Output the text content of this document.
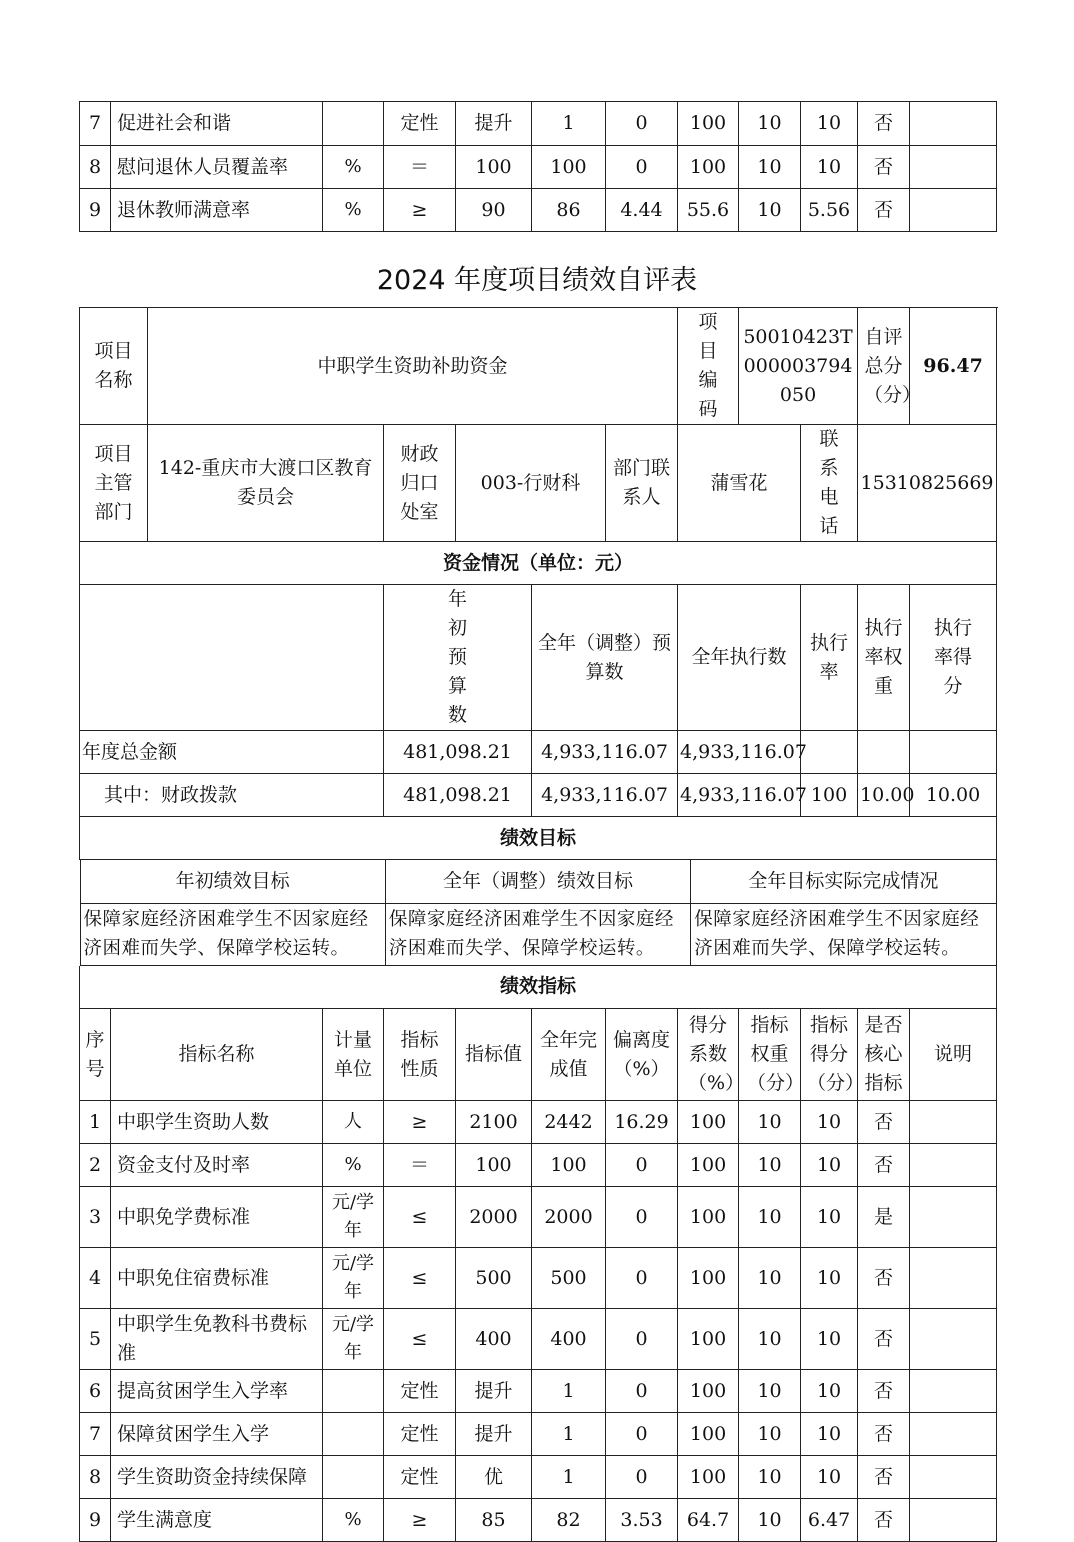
7	促进社会和谐		定性	提升	1	0	100	10	10	否	
8	慰问退休人员覆盖率	%	＝	100	100	0	100	10	10	否	
9	退休教师满意率	%	≥	90	86	4.44	55.6	10	5.56	否	
2024 年度项目绩效自评表
项目名称	中职学生资助补助资金	项目编码	50010423T000003794050	自评总分（分）	96.47
项目主管部门	142-重庆市大渡口区教育委员会	财政归口处室	003-行财科	部门联系人	蒲雪花	联系电话	15310825669
资金情况（单位：元）
	年初预算数	全年（调整）预算数	全年执行数	执行率	执行率权重	执行率得分
年度总金额	481,098.21	4,933,116.07	4,933,116.07			
其中：财政拨款	481,098.21	4,933,116.07	4,933,116.07	100	10.00	10.00
绩效目标

年初绩效目标	全年（调整）绩效目标	全年目标实际完成情况
保障家庭经济困难学生不因家庭经济困难而失学、保障学校运转。	保障家庭经济困难学生不因家庭经济困难而失学、保障学校运转。	保障家庭经济困难学生不因家庭经济困难而失学、保障学校运转。

绩效指标
序号	指标名称	计量单位	指标性质	指标值	全年完成值	偏离度（%）	得分系数（%）	指标权重（分）	指标得分（分）	是否核心指标	说明
1	中职学生资助人数	人	≥	2100	2442	16.29	100	10	10	否	
2	资金支付及时率	%	＝	100	100	0	100	10	10	否	
3	中职免学费标准	元/学年	≤	2000	2000	0	100	10	10	是	
4	中职免住宿费标准	元/学年	≤	500	500	0	100	10	10	否	
5	中职学生免教科书费标准	元/学年	≤	400	400	0	100	10	10	否	
6	提高贫困学生入学率		定性	提升	1	0	100	10	10	否	
7	保障贫困学生入学		定性	提升	1	0	100	10	10	否	
8	学生资助资金持续保障		定性	优	1	0	100	10	10	否	
9	学生满意度	%	≥	85	82	3.53	64.7	10	6.47	否	
